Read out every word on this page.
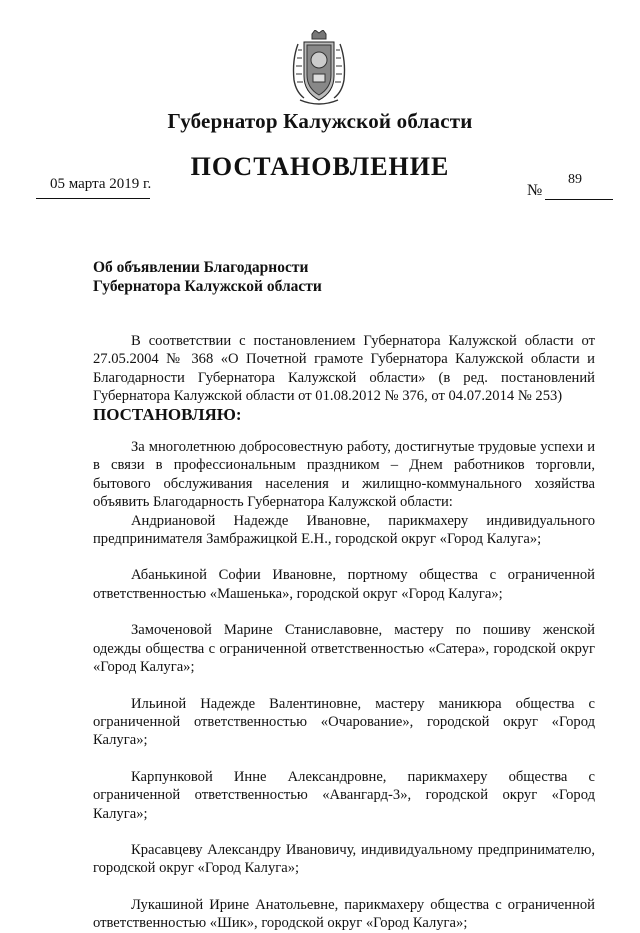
Губернатор Калужской области
ПОСТАНОВЛЕНИЕ
05 марта 2019 г.	89
№
Об объявлении Благодарности
Губернатора Калужской области

В соответствии с постановлением Губернатора Калужской области от 27.05.2004 № 368 «О Почетной грамоте Губернатора Калужской области и Благодарности Губернатора Калужской области» (в ред. постановлений Губернатора Калужской области от 01.08.2012 № 376, от 04.07.2014 № 253)

ПОСТАНОВЛЯЮ:

За многолетнюю добросовестную работу, достигнутые трудовые успехи и в связи в профессиональным праздником – Днем работников торговли, бытового обслуживания населения и жилищно-коммунального хозяйства объявить Благодарность Губернатора Калужской области:

Андриановой Надежде Ивановне, парикмахеру индивидуального предпринимателя Замбражицкой Е.Н., городской округ «Город Калуга»;

Абанькиной Софии Ивановне, портному общества с ограниченной ответственностью «Машенька», городской округ «Город Калуга»;

Замоченовой Марине Станиславовне, мастеру по пошиву женской одежды общества с ограниченной ответственностью «Сатера», городской округ «Город Калуга»;

Ильиной Надежде Валентиновне, мастеру маникюра общества с ограниченной ответственностью «Очарование», городской округ «Город Калуга»;

Карпунковой Инне Александровне, парикмахеру общества с ограниченной ответственностью «Авангард-3», городской округ «Город Калуга»;

Красавцеву Александру Ивановичу, индивидуальному предпринимателю, городской округ «Город Калуга»;

Лукашиной Ирине Анатольевне, парикмахеру общества с ограниченной ответственностью «Шик», городской округ «Город Калуга»;
